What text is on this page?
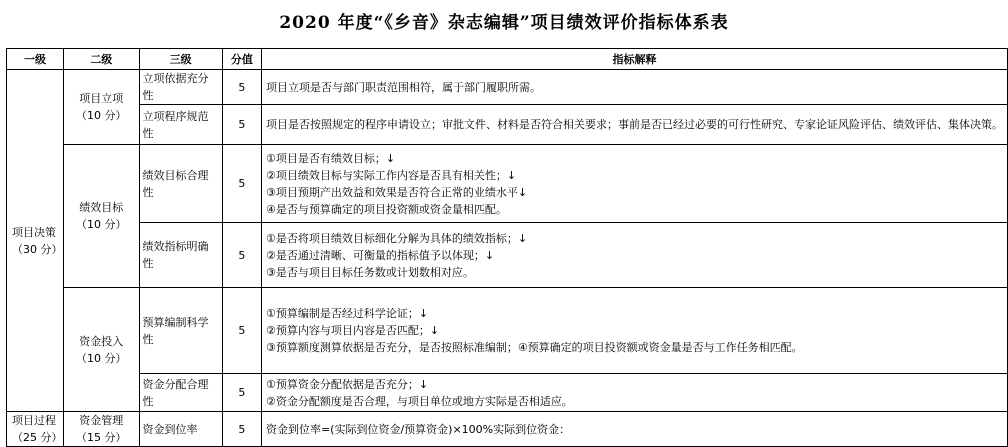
2020 年度“《乡音》杂志编辑”项目绩效评价指标体系表
一级	二级	三级	分值	指标解释
项目决策（30 分）	项目立项（10 分）	立项依据充分性	5	项目立项是否与部门职责范围相符，属于部门履职所需。

		立项程序规范性	5	项目是否按照规定的程序申请设立；审批文件、材料是否符合相关要求；事前是否已经过必要的可行性研究、专家论证风险评估、绩效评估、集体决策。

	绩效目标（10 分）	绩效目标合理性	5	①项目是否有绩效目标；↓
②项目绩效目标与实际工作内容是否具有相关性；↓
③项目预期产出效益和效果是否符合正常的业绩水平↓
④是否与预算确定的项目投资额或资金量相匹配。

		绩效指标明确性	5	①是否将项目绩效目标细化分解为具体的绩效指标；↓
②是否通过清晰、可衡量的指标值予以体现；↓
③是否与项目目标任务数或计划数相对应。

	资金投入（10 分）	预算编制科学性	5	①预算编制是否经过科学论证；↓
②预算内容与项目内容是否匹配；↓
③预算额度测算依据是否充分，是否按照标准编制；④预算确定的项目投资额或资金量是否与工作任务相匹配。

		资金分配合理性	5	①预算资金分配依据是否充分；↓
②资金分配额度是否合理，与项目单位或地方实际是否相适应。

项目过程（25 分）	资金管理（15 分）	资金到位率	5	资金到位率=(实际到位资金/预算资金)×100%实际到位资金：
